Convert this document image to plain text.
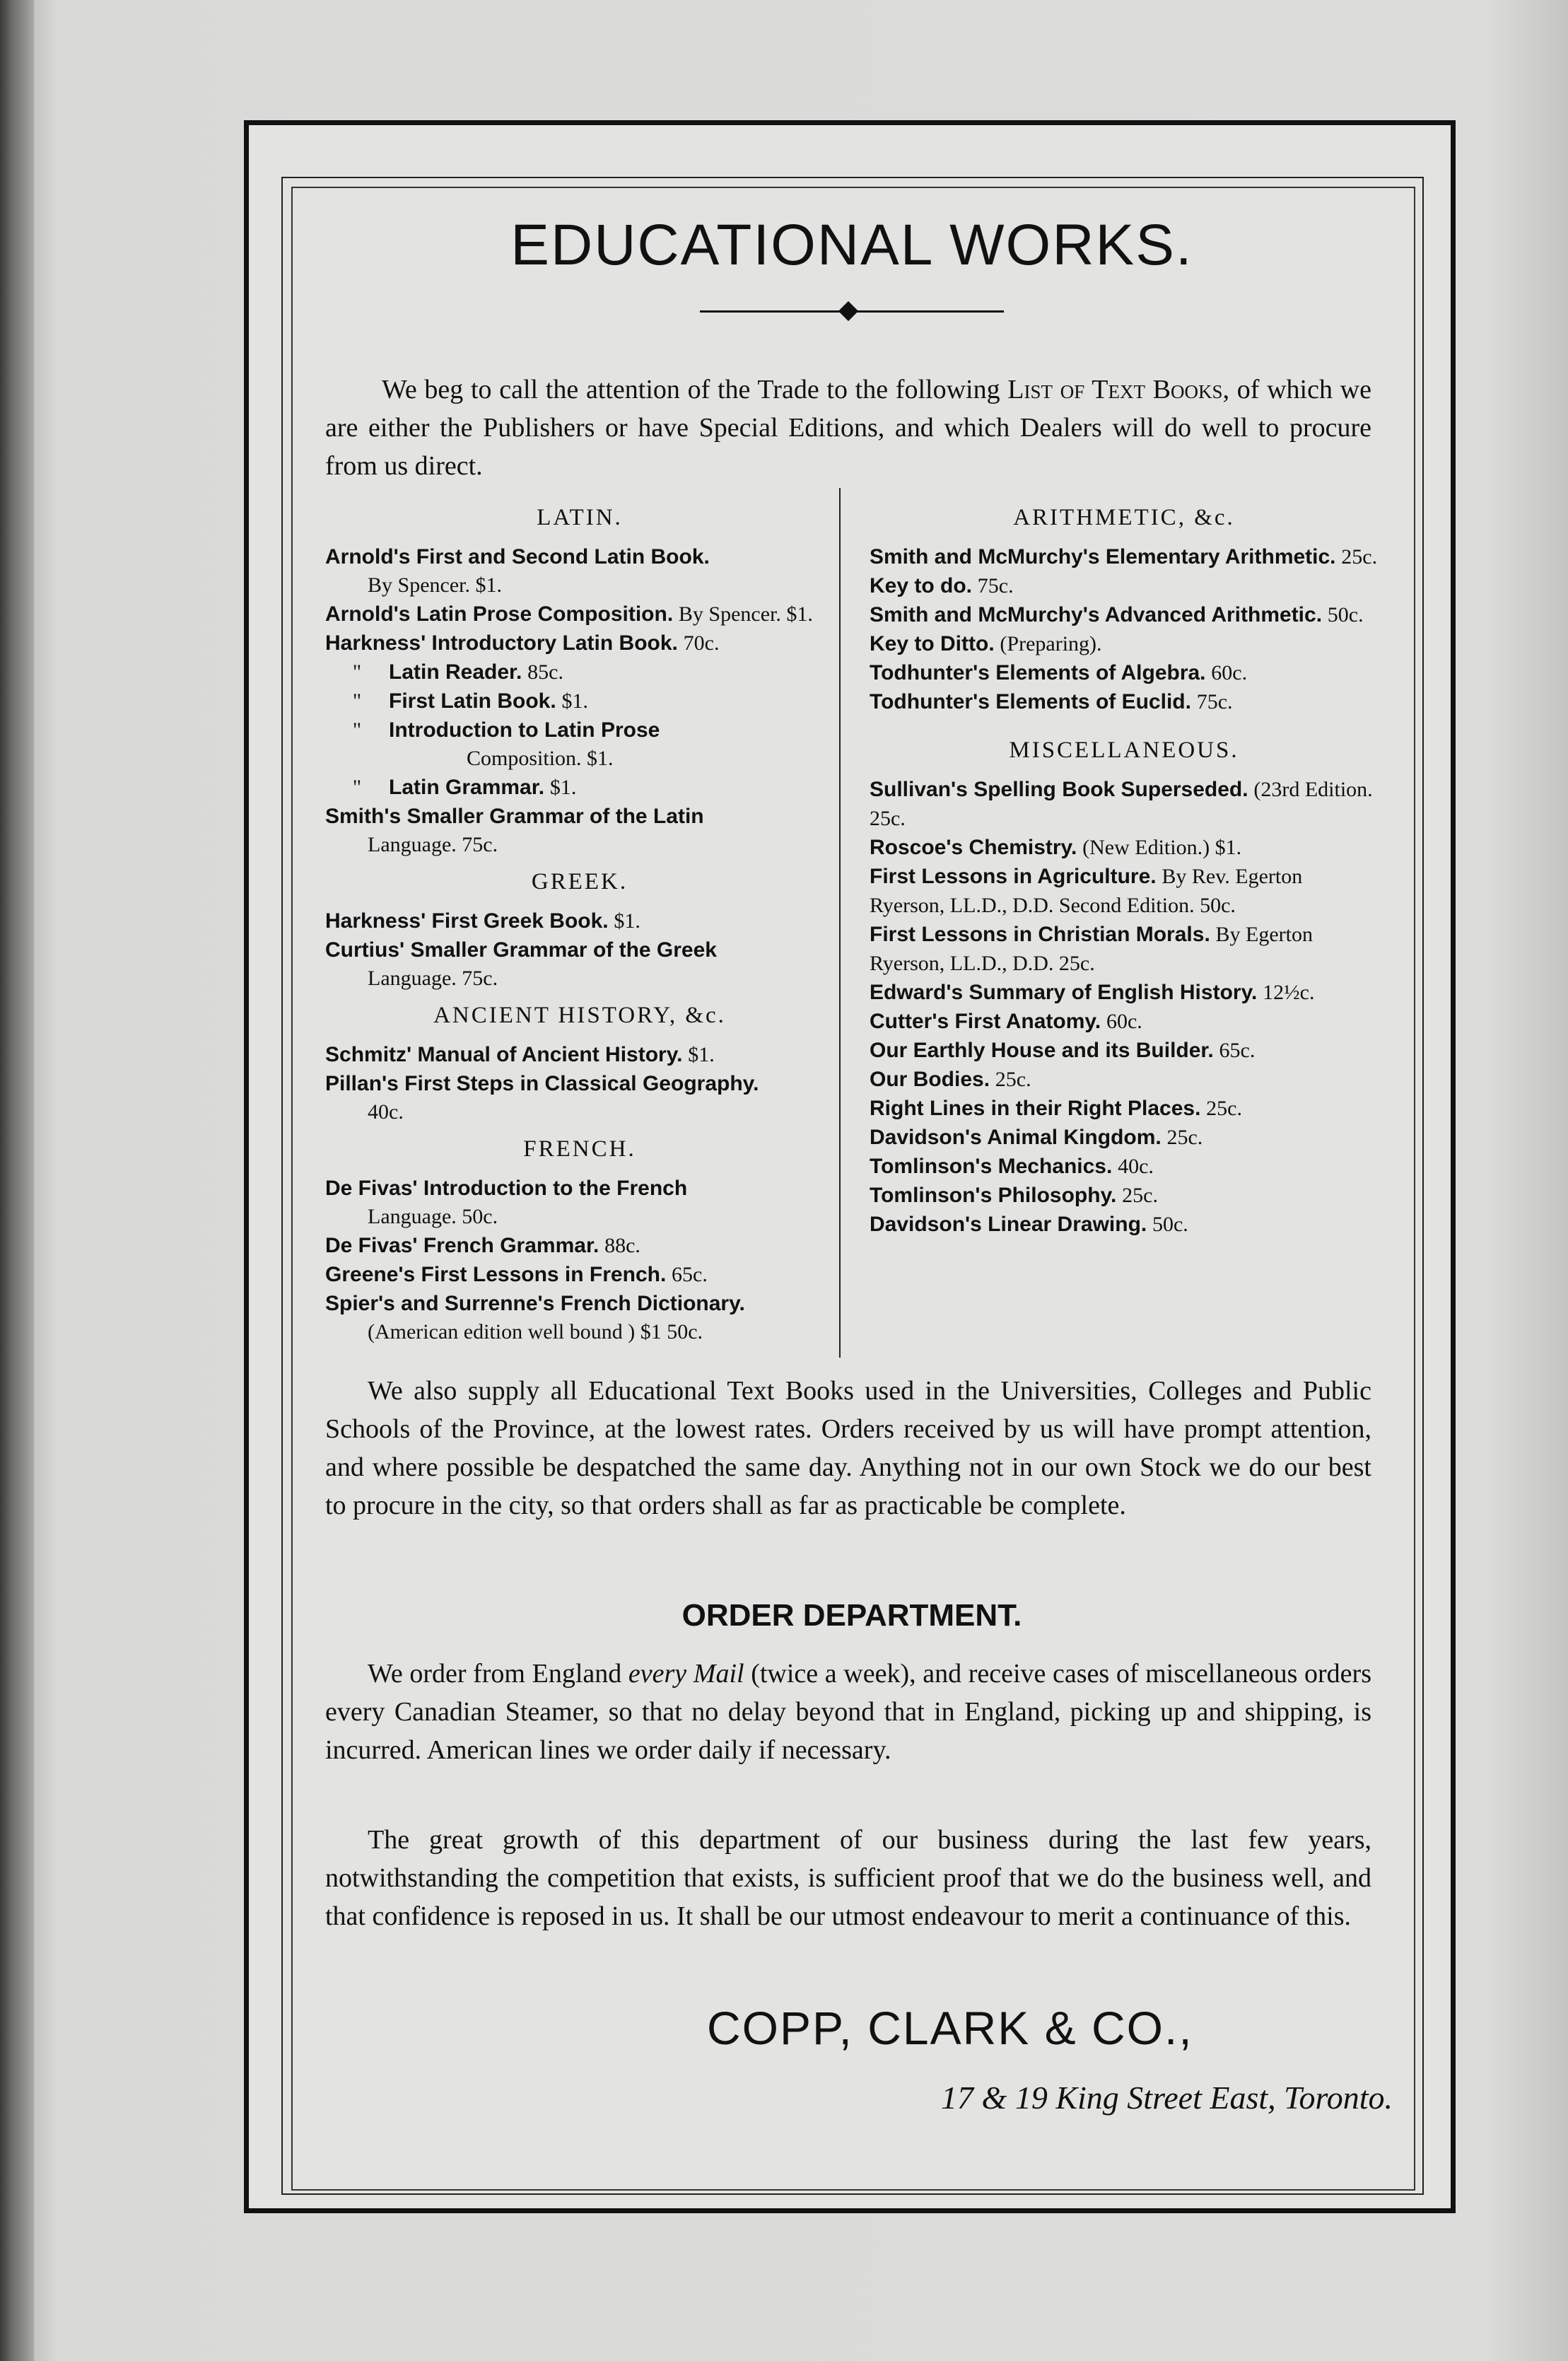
EDUCATIONAL WORKS.

We beg to call the attention of the Trade to the following List of Text Books, of which we are either the Publishers or have Special Editions, and which Dealers will do well to procure from us direct.

LATIN.
Arnold's First and Second Latin Book.
By Spencer. $1.
Arnold's Latin Prose Composition. By Spencer. $1.
Harkness' Introductory Latin Book. 70c.
" Latin Reader. 85c.
" First Latin Book. $1.
" Introduction to Latin Prose
Composition. $1.
" Latin Grammar. $1.
Smith's Smaller Grammar of the Latin
Language. 75c.
GREEK.
Harkness' First Greek Book. $1.
Curtius' Smaller Grammar of the Greek
Language. 75c.
ANCIENT HISTORY, &c.
Schmitz' Manual of Ancient History. $1.
Pillan's First Steps in Classical Geography.
40c.
FRENCH.
De Fivas' Introduction to the French
Language. 50c.
De Fivas' French Grammar. 88c.
Greene's First Lessons in French. 65c.
Spier's and Surrenne's French Dictionary.
(American edition well bound ) $1 50c.
ARITHMETIC, &c.
Smith and McMurchy's Elementary Arithmetic. 25c.
Key to do. 75c.
Smith and McMurchy's Advanced Arithmetic. 50c.
Key to Ditto. (Preparing).
Todhunter's Elements of Algebra. 60c.
Todhunter's Elements of Euclid. 75c.
MISCELLANEOUS.
Sullivan's Spelling Book Superseded. (23rd Edition. 25c.
Roscoe's Chemistry. (New Edition.) $1.
First Lessons in Agriculture. By Rev. Egerton Ryerson, LL.D., D.D. Second Edition. 50c.
First Lessons in Christian Morals. By Egerton Ryerson, LL.D., D.D. 25c.
Edward's Summary of English History. 12½c.
Cutter's First Anatomy. 60c.
Our Earthly House and its Builder. 65c.
Our Bodies. 25c.
Right Lines in their Right Places. 25c.
Davidson's Animal Kingdom. 25c.
Tomlinson's Mechanics. 40c.
Tomlinson's Philosophy. 25c.
Davidson's Linear Drawing. 50c.

We also supply all Educational Text Books used in the Universities, Colleges and Public Schools of the Province, at the lowest rates. Orders received by us will have prompt attention, and where possible be despatched the same day. Anything not in our own Stock we do our best to procure in the city, so that orders shall as far as practicable be complete.

ORDER DEPARTMENT.

We order from England every Mail (twice a week), and receive cases of miscellaneous orders every Canadian Steamer, so that no delay beyond that in England, picking up and shipping, is incurred. American lines we order daily if necessary.

The great growth of this department of our business during the last few years, notwithstanding the competition that exists, is sufficient proof that we do the business well, and that confidence is reposed in us. It shall be our utmost endeavour to merit a continuance of this.

COPP, CLARK & CO.,
17 & 19 King Street East, Toronto.
